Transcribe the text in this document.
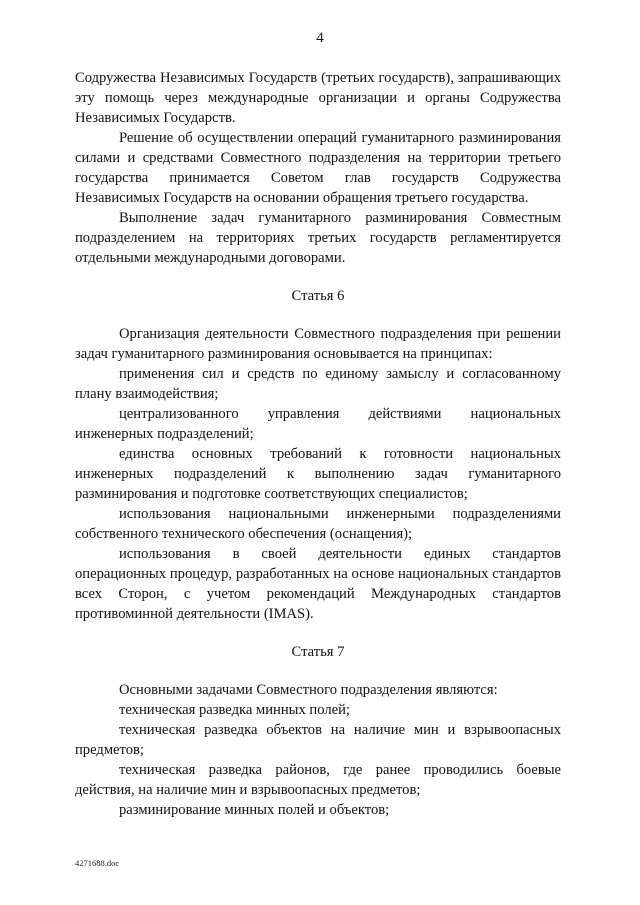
4

Содружества Независимых Государств (третьих государств), запрашивающих эту помощь через международные организации и органы Содружества Независимых Государств.

Решение об осуществлении операций гуманитарного разминирования силами и средствами Совместного подразделения на территории третьего государства принимается Советом глав государств Содружества Независимых Государств на основании обращения третьего государства.

Выполнение задач гуманитарного разминирования Совместным подразделением на территориях третьих государств регламентируется отдельными международными договорами.

Статья 6

Организация деятельности Совместного подразделения при решении задач гуманитарного разминирования основывается на принципах:

применения сил и средств по единому замыслу и согласованному плану взаимодействия;

централизованного управления действиями национальных инженерных подразделений;

единства основных требований к готовности национальных инженерных подразделений к выполнению задач гуманитарного разминирования и подготовке соответствующих специалистов;

использования национальными инженерными подразделениями собственного технического обеспечения (оснащения);

использования в своей деятельности единых стандартов операционных процедур, разработанных на основе национальных стандартов всех Сторон, с учетом рекомендаций Международных стандартов противоминной деятельности (IMAS).

Статья 7

Основными задачами Совместного подразделения являются:

техническая разведка минных полей;

техническая разведка объектов на наличие мин и взрывоопасных предметов;

техническая разведка районов, где ранее проводились боевые действия, на наличие мин и взрывоопасных предметов;

разминирование минных полей и объектов;

4271688.doc
